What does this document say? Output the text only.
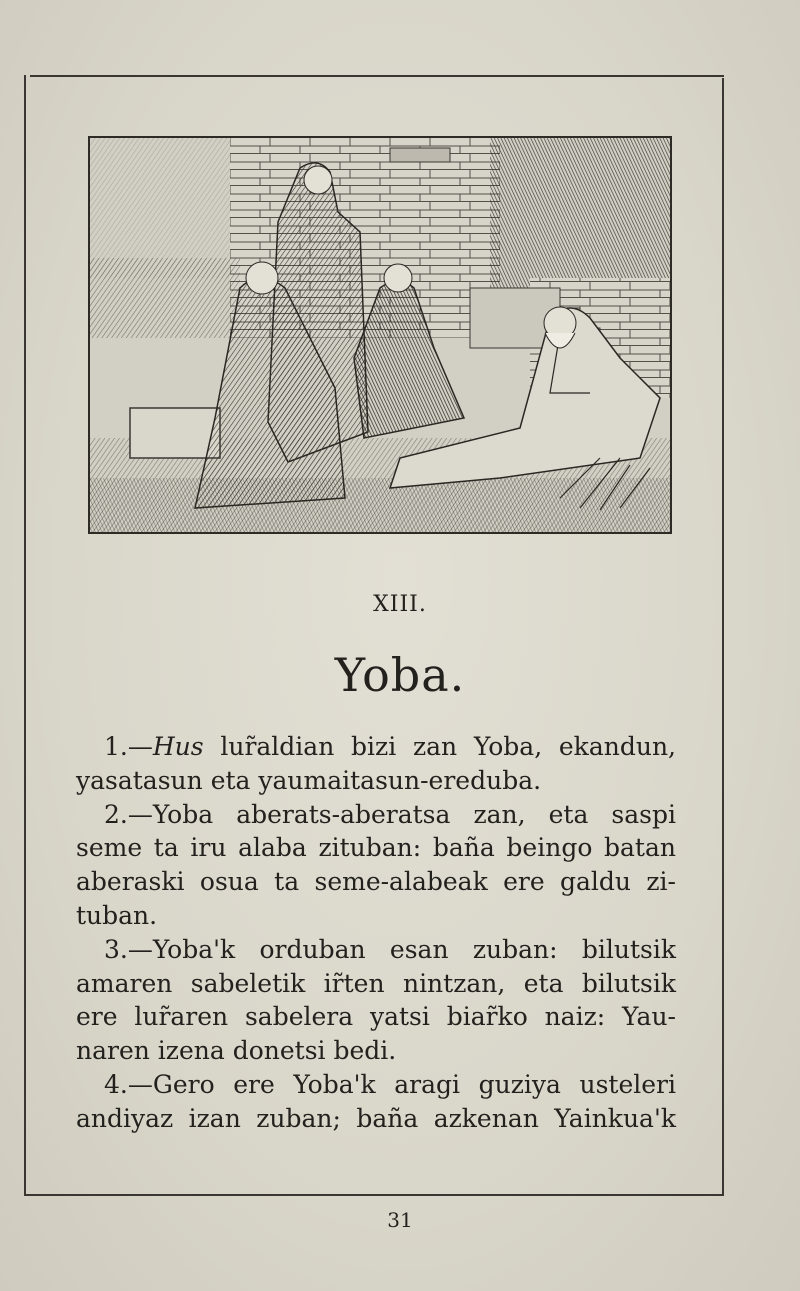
XIII.
Yoba.

1.—Hus lur̃aldian bizi zan Yoba, ekandun,
yasatasun eta yaumaitasun-ereduba.

2.—Yoba aberats-aberatsa zan, eta saspi
seme ta iru alaba zituban: baña beingo batan
aberaski osua ta seme-alabeak ere galdu zi-
tuban.

3.—Yoba'k orduban esan zuban: bilutsik
amaren sabeletik ir̃ten nintzan, eta bilutsik
ere lur̃aren sabelera yatsi biar̃ko naiz: Yau-
naren izena donetsi bedi.

4.—Gero ere Yoba'k aragi guziya usteleri
andiyaz izan zuban; baña azkenan Yainkua'k

31
